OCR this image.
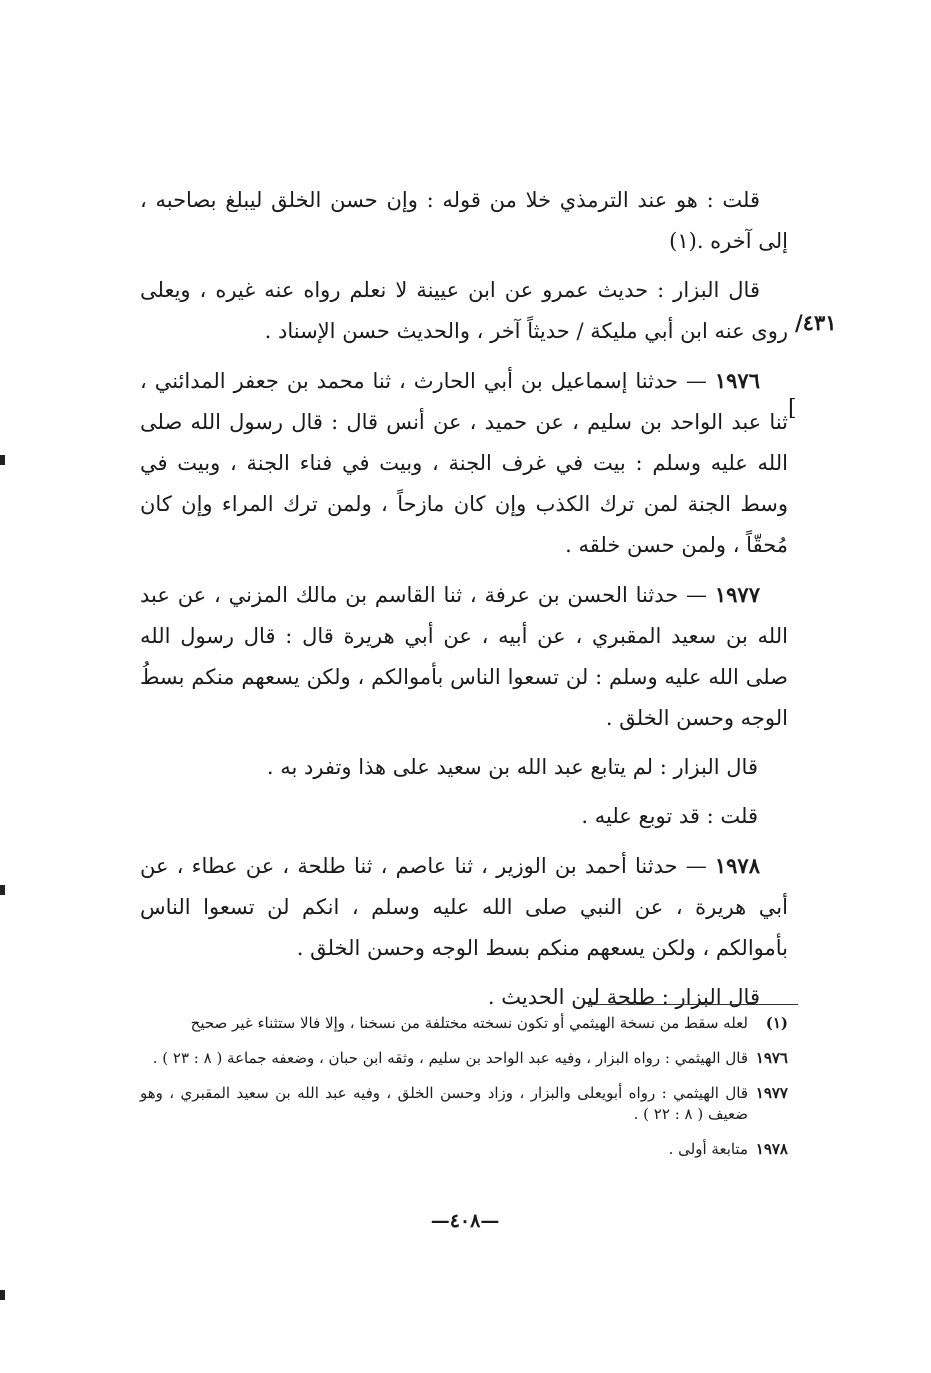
قلت : هو عند الترمذي خلا من قوله : وإن حسن الخلق ليبلغ بصاحبه ، إلى آخره .(١)

قال البزار : حديث عمرو عن ابن عيينة لا نعلم رواه عنه غيره ، ويعلى روى عنه ابن أبي مليكة / حديثاً آخر ، والحديث حسن الإسناد .

١٩٧٦ — حدثنا إسماعيل بن أبي الحارث ، ثنا محمد بن جعفر المدائني ، ثنا عبد الواحد بن سليم ، عن حميد ، عن أنس قال : قال رسول الله صلى الله عليه وسلم : بيت في غرف الجنة ، وبيت في فناء الجنة ، وبيت في وسط الجنة لمن ترك الكذب وإن كان مازحاً ، ولمن ترك المراء وإن كان مُحقّاً ، ولمن حسن خلقه .

١٩٧٧ — حدثنا الحسن بن عرفة ، ثنا القاسم بن مالك المزني ، عن عبد الله بن سعيد المقبري ، عن أبيه ، عن أبي هريرة قال : قال رسول الله صلى الله عليه وسلم : لن تسعوا الناس بأموالكم ، ولكن يسعهم منكم بسطُ الوجه وحسن الخلق .

قال البزار : لم يتابع عبد الله بن سعيد على هذا وتفرد به .

قلت : قد توبع عليه .

١٩٧٨ — حدثنا أحمد بن الوزير ، ثنا عاصم ، ثنا طلحة ، عن عطاء ، عن أبي هريرة ، عن النبي صلى الله عليه وسلم ، انكم لن تسعوا الناس بأموالكم ، ولكن يسعهم منكم بسط الوجه وحسن الخلق .

قال البزار : طلحة لين الحديث .

٤٣١/
[
(١)
لعله سقط من نسخة الهيثمي أو تكون نسخته مختلفة من نسخنا ، وإلا فالا ستثناء غير صحيح
١٩٧٦
قال الهيثمي : رواه البزار ، وفيه عبد الواحد بن سليم ، وثقه ابن حبان ، وضعفه جماعة ( ٨ : ٢٣ ) .
١٩٧٧
قال الهيثمي : رواه أبويعلى والبزار ، وزاد وحسن الخلق ، وفيه عبد الله بن سعيد المقبري ، وهو ضعيف ( ٨ : ٢٢ ) .
١٩٧٨
متابعة أولى .
—٤٠٨—
